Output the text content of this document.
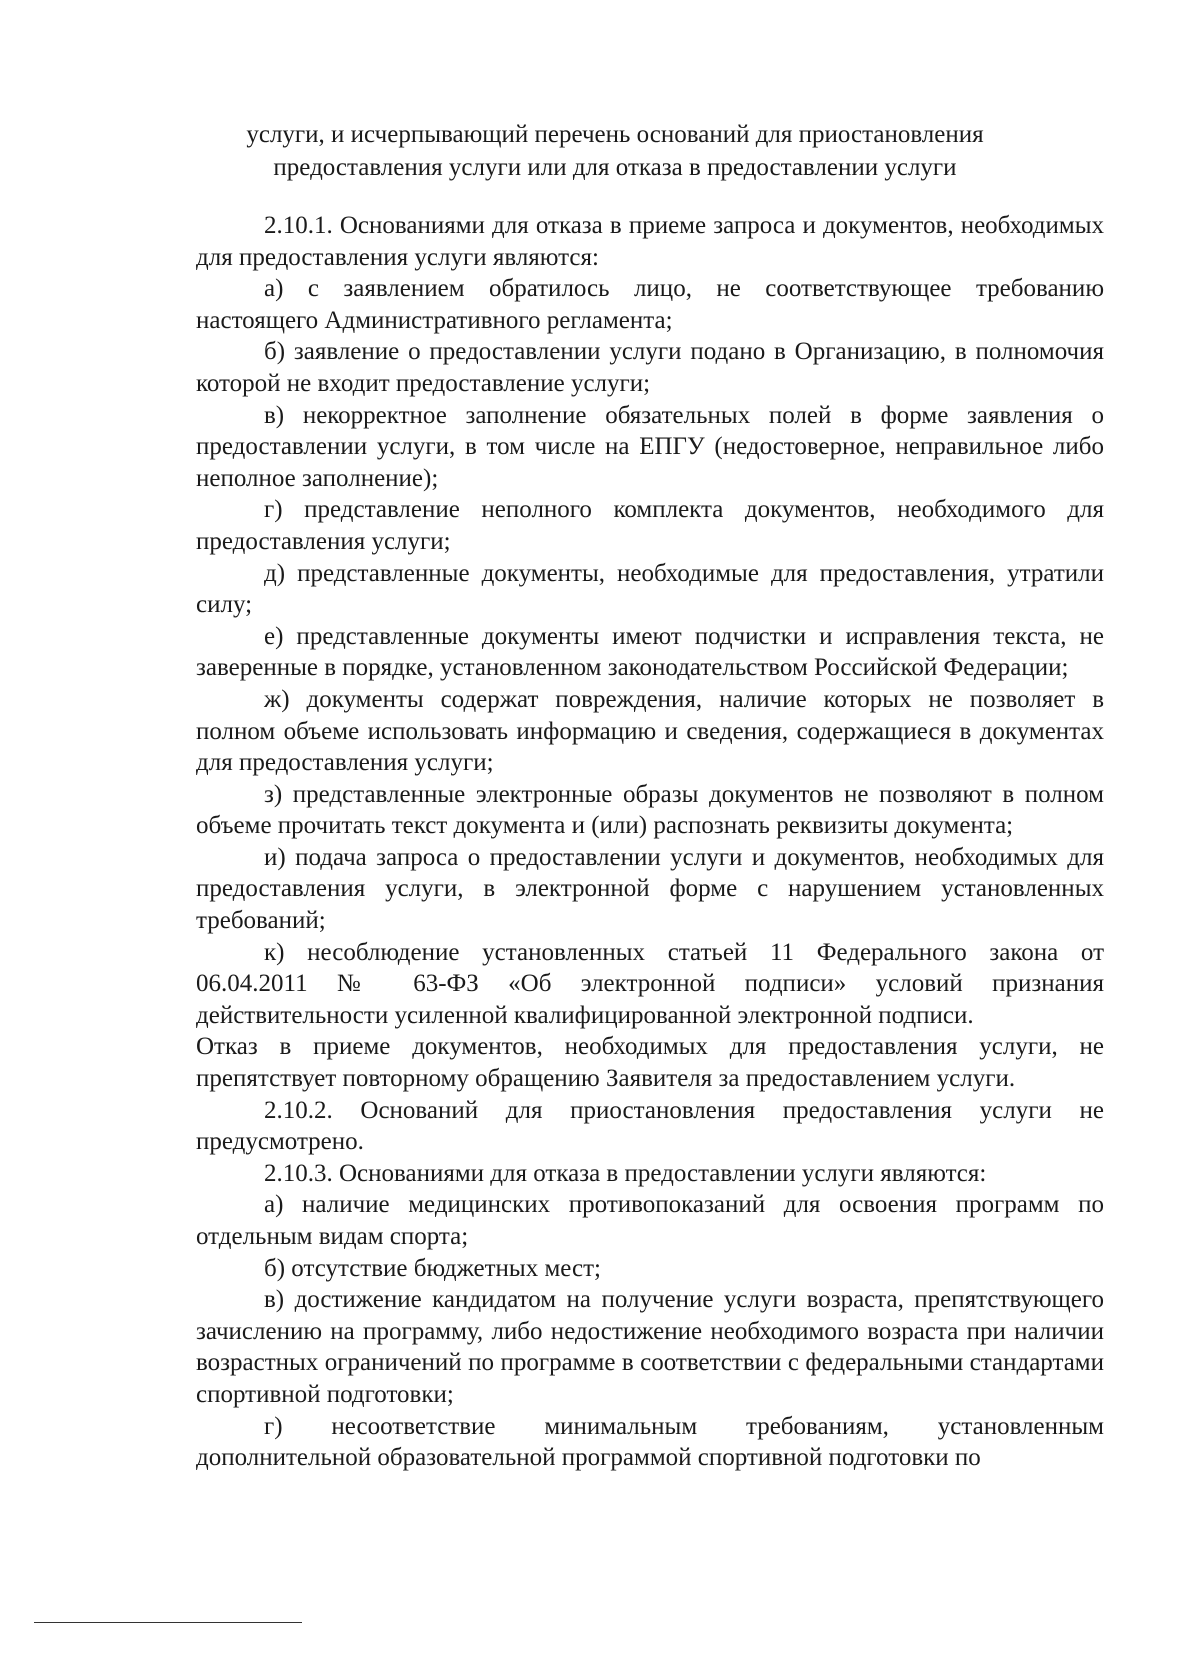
услуги, и исчерпывающий перечень оснований для приостановления
предоставления услуги или для отказа в предоставлении услуги

2.10.1. Основаниями для отказа в приеме запроса и документов, необходимых для предоставления услуги являются:

а) с заявлением обратилось лицо, не соответствующее требованию настоящего Административного регламента;

б) заявление о предоставлении услуги подано в Организацию, в полномочия которой не входит предоставление услуги;

в) некорректное заполнение обязательных полей в форме заявления о предоставлении услуги, в том числе на ЕПГУ (недостоверное, неправильное либо неполное заполнение);

г) представление неполного комплекта документов, необходимого для предоставления услуги;

д) представленные документы, необходимые для предоставления, утратили силу;

е) представленные документы имеют подчистки и исправления текста, не заверенные в порядке, установленном законодательством Российской Федерации;

ж) документы содержат повреждения, наличие которых не позволяет в полном объеме использовать информацию и сведения, содержащиеся в документах для предоставления услуги;

з) представленные электронные образы документов не позволяют в полном объеме прочитать текст документа и (или) распознать реквизиты документа;

и) подача запроса о предоставлении услуги и документов, необходимых для предоставления услуги, в электронной форме с нарушением установленных требований;

к) несоблюдение установленных статьей 11 Федерального закона от 06.04.2011 № 63-ФЗ «Об электронной подписи» условий признания действительности усиленной квалифицированной электронной подписи.

Отказ в приеме документов, необходимых для предоставления услуги, не препятствует повторному обращению Заявителя за предоставлением услуги.

2.10.2. Оснований для приостановления предоставления услуги не предусмотрено.

2.10.3. Основаниями для отказа в предоставлении услуги являются:

а) наличие медицинских противопоказаний для освоения программ по отдельным видам спорта;

б) отсутствие бюджетных мест;

в) достижение кандидатом на получение услуги возраста, препятствующего зачислению на программу, либо недостижение необходимого возраста при наличии возрастных ограничений по программе в соответствии с федеральными стандартами спортивной подготовки;

г) несоответствие минимальным требованиям, установленным дополнительной образовательной программой спортивной подготовки по
